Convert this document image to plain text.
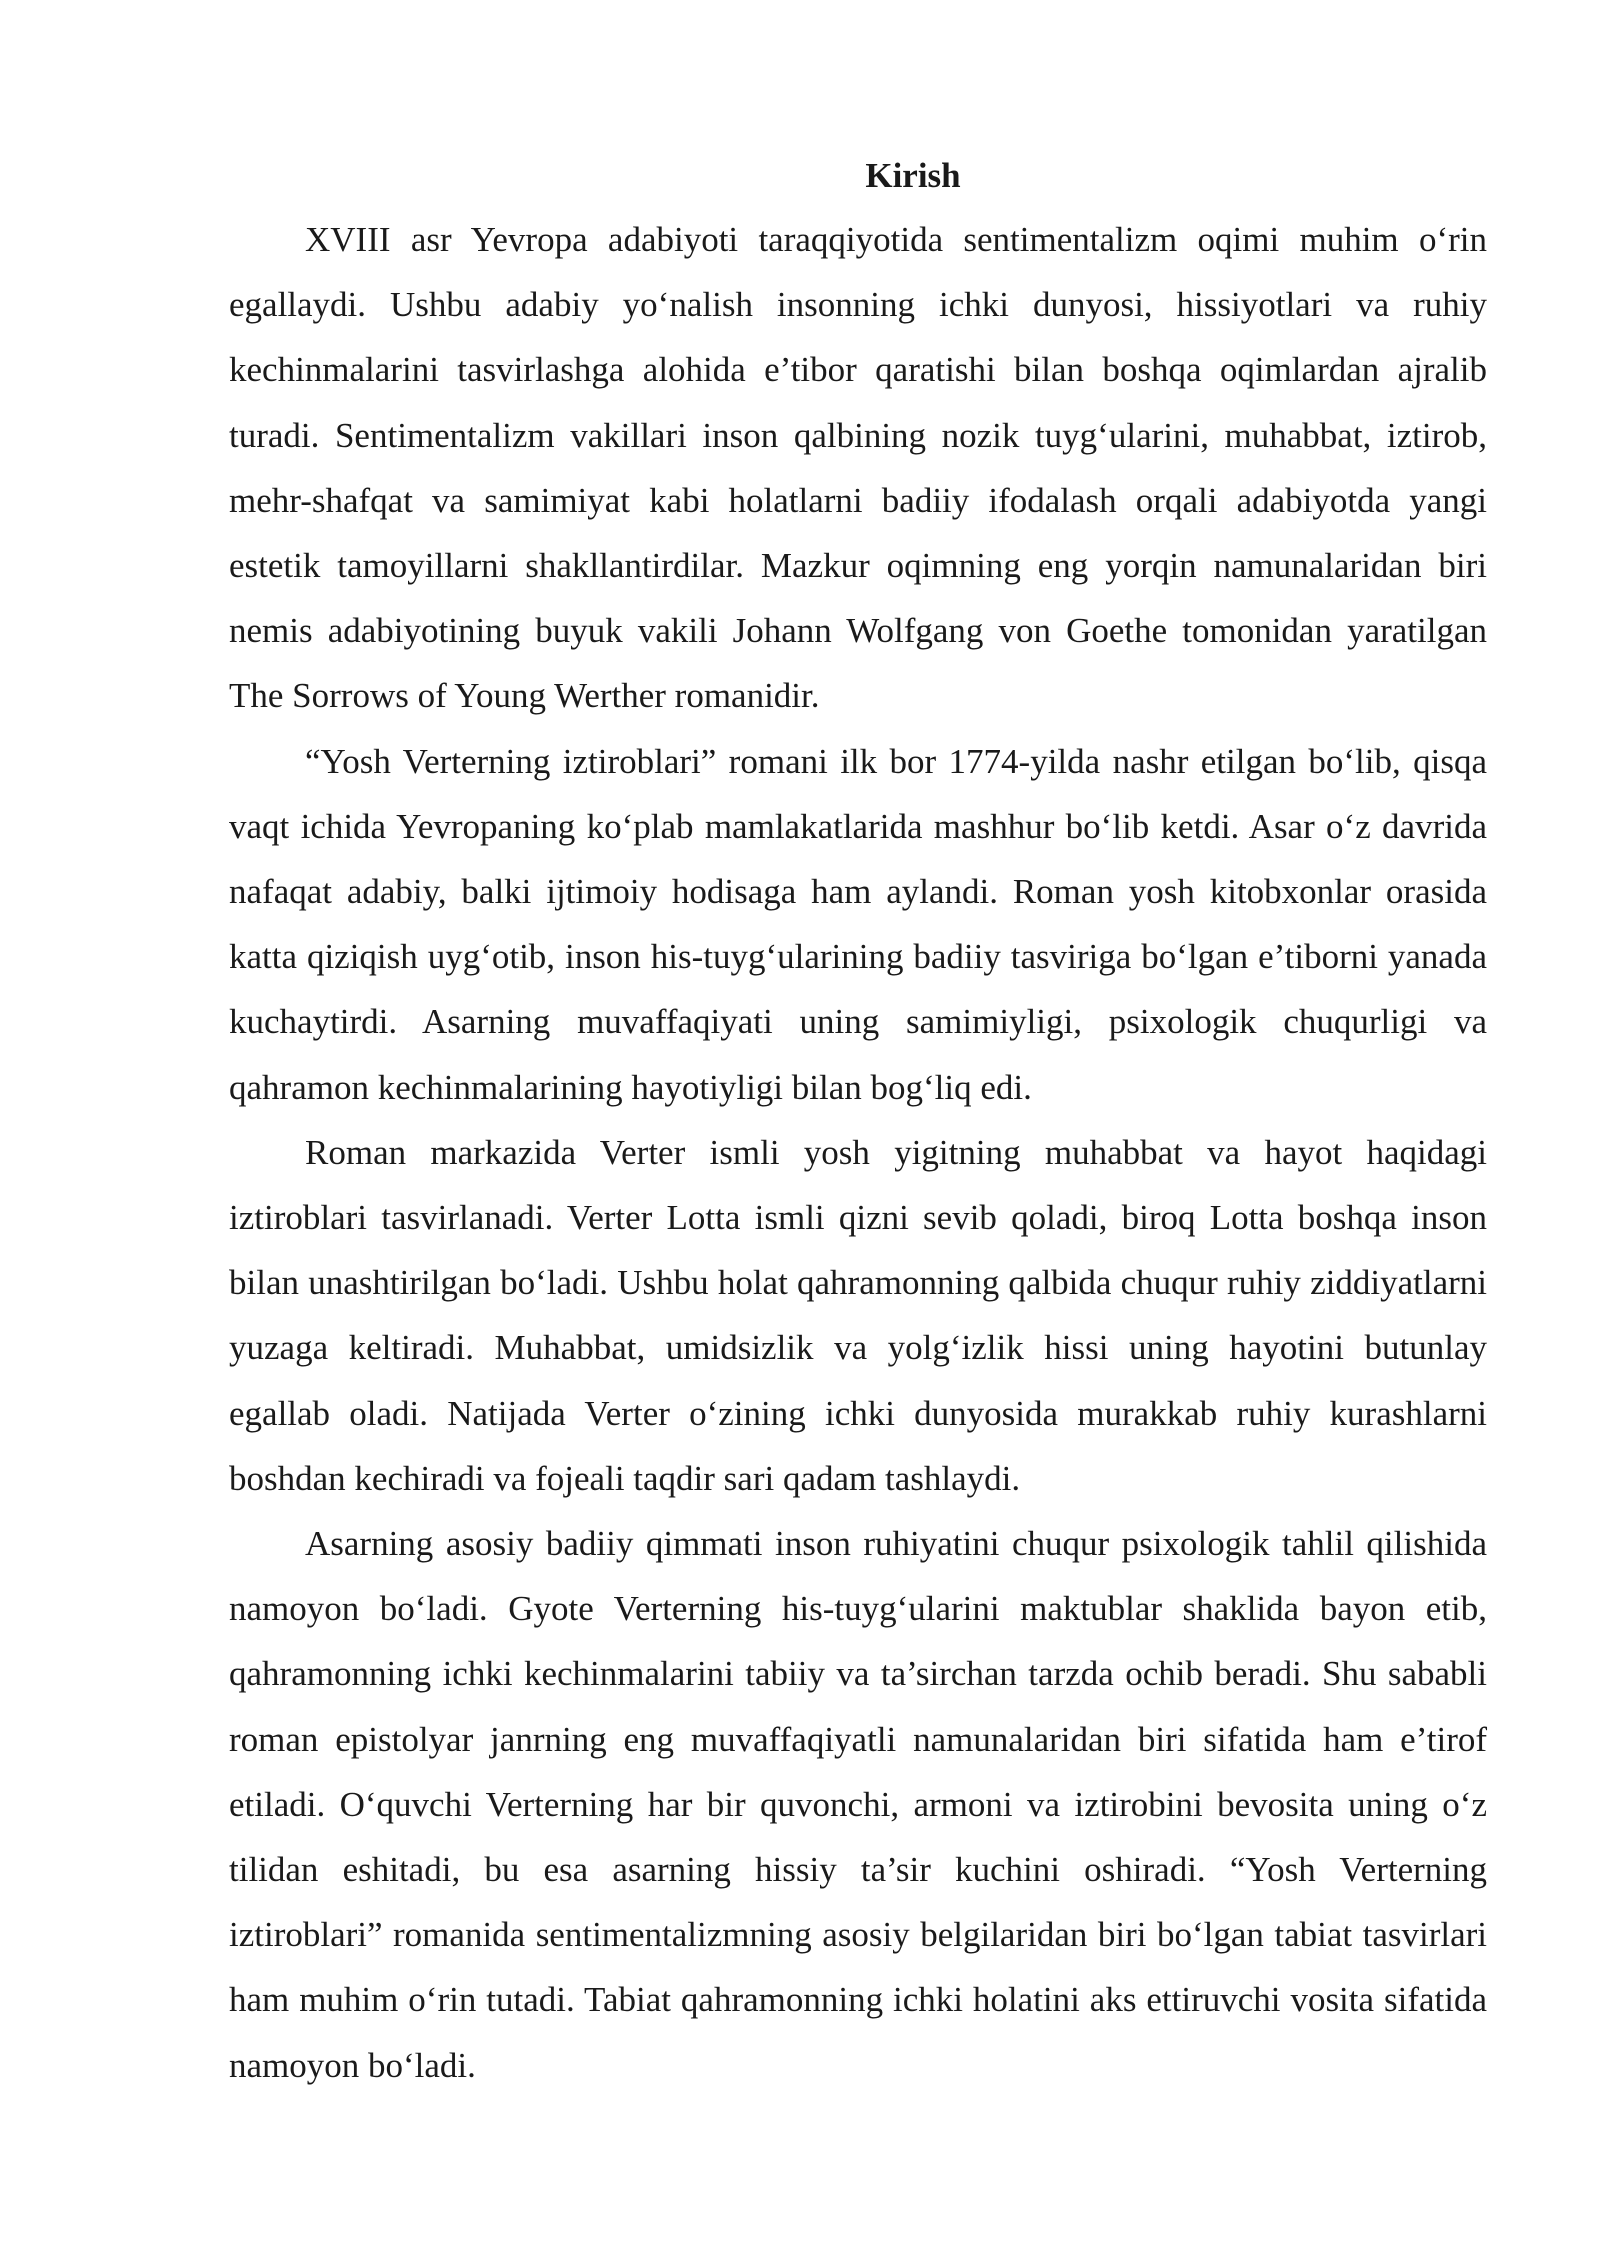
Kirish

XVIII asr Yevropa adabiyoti taraqqiyotida sentimentalizm oqimi muhim o‘rin egallaydi. Ushbu adabiy yo‘nalish insonning ichki dunyosi, hissiyotlari va ruhiy kechinmalarini tasvirlashga alohida e’tibor qaratishi bilan boshqa oqimlardan ajralib turadi. Sentimentalizm vakillari inson qalbining nozik tuyg‘ularini, muhabbat, iztirob, mehr-shafqat va samimiyat kabi holatlarni badiiy ifodalash orqali adabiyotda yangi estetik tamoyillarni shakllantirdilar. Mazkur oqimning eng yorqin namunalaridan biri nemis adabiyotining buyuk vakili Johann Wolfgang von Goethe tomonidan yaratilgan The Sorrows of Young Werther romanidir.

“Yosh Verterning iztiroblari” romani ilk bor 1774-yilda nashr etilgan bo‘lib, qisqa vaqt ichida Yevropaning ko‘plab mamlakatlarida mashhur bo‘lib ketdi. Asar o‘z davrida nafaqat adabiy, balki ijtimoiy hodisaga ham aylandi. Roman yosh kitobxonlar orasida katta qiziqish uyg‘otib, inson his-tuyg‘ularining badiiy tasviriga bo‘lgan e’tiborni yanada kuchaytirdi. Asarning muvaffaqiyati uning samimiyligi, psixologik chuqurligi va qahramon kechinmalarining hayotiyligi bilan bog‘liq edi.

Roman markazida Verter ismli yosh yigitning muhabbat va hayot haqidagi iztiroblari tasvirlanadi. Verter Lotta ismli qizni sevib qoladi, biroq Lotta boshqa inson bilan unashtirilgan bo‘ladi. Ushbu holat qahramonning qalbida chuqur ruhiy ziddiyatlarni yuzaga keltiradi. Muhabbat, umidsizlik va yolg‘izlik hissi uning hayotini butunlay egallab oladi. Natijada Verter o‘zining ichki dunyosida murakkab ruhiy kurashlarni boshdan kechiradi va fojeali taqdir sari qadam tashlaydi.

Asarning asosiy badiiy qimmati inson ruhiyatini chuqur psixologik tahlil qilishida namoyon bo‘ladi. Gyote Verterning his-tuyg‘ularini maktublar shaklida bayon etib, qahramonning ichki kechinmalarini tabiiy va ta’sirchan tarzda ochib beradi. Shu sababli roman epistolyar janrning eng muvaffaqiyatli namunalaridan biri sifatida ham e’tirof etiladi. O‘quvchi Verterning har bir quvonchi, armoni va iztirobini bevosita uning o‘z tilidan eshitadi, bu esa asarning hissiy ta’sir kuchini oshiradi. “Yosh Verterning iztiroblari” romanida sentimentalizmning asosiy belgilaridan biri bo‘lgan tabiat tasvirlari ham muhim o‘rin tutadi. Tabiat qahramonning ichki holatini aks ettiruvchi vosita sifatida namoyon bo‘ladi.
